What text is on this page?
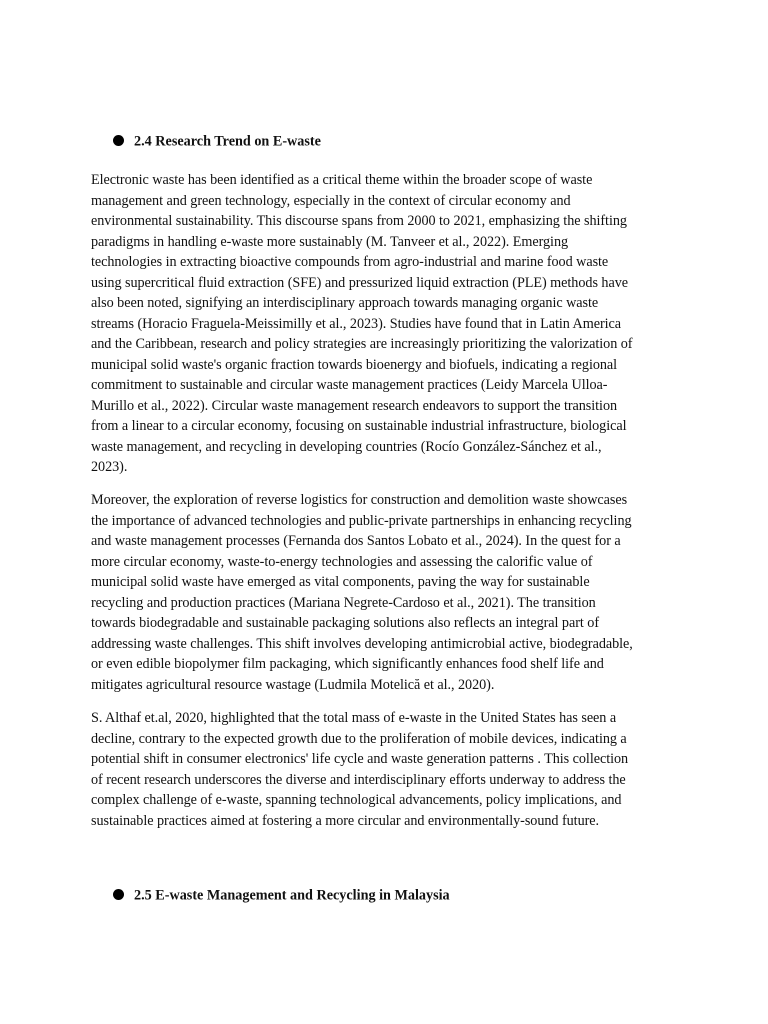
2.4 Research Trend on E-waste
Electronic waste has been identified as a critical theme within the broader scope of waste
management and green technology, especially in the context of circular economy and
environmental sustainability. This discourse spans from 2000 to 2021, emphasizing the shifting
paradigms in handling e-waste more sustainably (M. Tanveer et al., 2022). Emerging
technologies in extracting bioactive compounds from agro-industrial and marine food waste
using supercritical fluid extraction (SFE) and pressurized liquid extraction (PLE) methods have
also been noted, signifying an interdisciplinary approach towards managing organic waste
streams (Horacio Fraguela-Meissimilly et al., 2023). Studies have found that in Latin America
and the Caribbean, research and policy strategies are increasingly prioritizing the valorization of
municipal solid waste's organic fraction towards bioenergy and biofuels, indicating a regional
commitment to sustainable and circular waste management practices (Leidy Marcela Ulloa-
Murillo et al., 2022). Circular waste management research endeavors to support the transition
from a linear to a circular economy, focusing on sustainable industrial infrastructure, biological
waste management, and recycling in developing countries (Rocío González-Sánchez et al.,
2023).
Moreover, the exploration of reverse logistics for construction and demolition waste showcases
the importance of advanced technologies and public-private partnerships in enhancing recycling
and waste management processes (Fernanda dos Santos Lobato et al., 2024). In the quest for a
more circular economy, waste-to-energy technologies and assessing the calorific value of
municipal solid waste have emerged as vital components, paving the way for sustainable
recycling and production practices (Mariana Negrete-Cardoso et al., 2021). The transition
towards biodegradable and sustainable packaging solutions also reflects an integral part of
addressing waste challenges. This shift involves developing antimicrobial active, biodegradable,
or even edible biopolymer film packaging, which significantly enhances food shelf life and
mitigates agricultural resource wastage (Ludmila Motelică et al., 2020).
S. Althaf et.al, 2020, highlighted that the total mass of e-waste in the United States has seen a
decline, contrary to the expected growth due to the proliferation of mobile devices, indicating a
potential shift in consumer electronics' life cycle and waste generation patterns . This collection
of recent research underscores the diverse and interdisciplinary efforts underway to address the
complex challenge of e-waste, spanning technological advancements, policy implications, and
sustainable practices aimed at fostering a more circular and environmentally-sound future.
2.5 E-waste Management and Recycling in Malaysia
